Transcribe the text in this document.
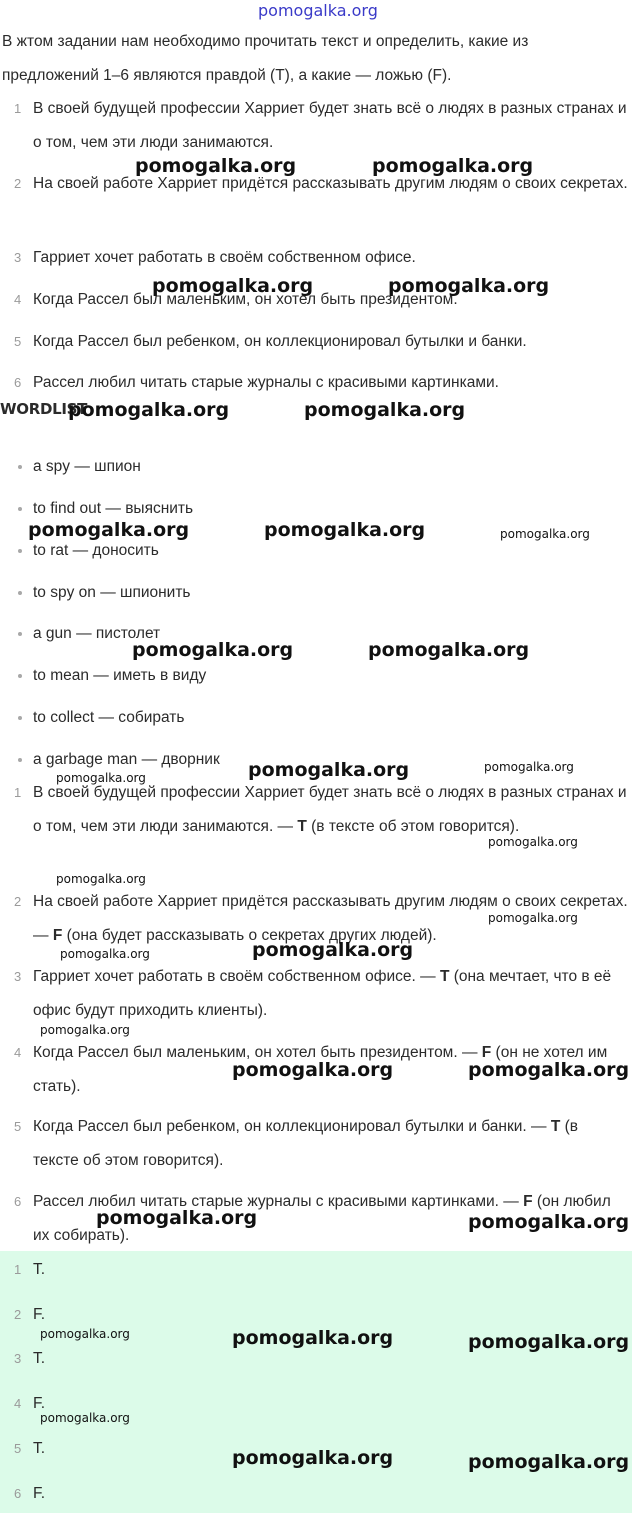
pomogalka.org
В жтом задании нам необходимо прочитать текст и определить, какие из предложений 1–6 являются правдой (T), а какие — ложью (F).
1 В своей будущей профессии Харриет будет знать всё о людях в разных странах и о том, чем эти люди занимаются.
2 На своей работе Харриет придётся рассказывать другим людям о своих секретах.
3 Гарриет хочет работать в своём собственном офисе.
4 Когда Рассел был маленьким, он хотел быть президентом.
5 Когда Рассел был ребенком, он коллекционировал бутылки и банки.
6 Рассел любил читать старые журналы с красивыми картинками.
WORDLIST
a spy — шпион
to find out — выяснить
to rat — доносить
to spy on — шпионить
a gun — пистолет
to mean — иметь в виду
to collect — собирать
a garbage man — дворник
1 В своей будущей профессии Харриет будет знать всё о людях в разных странах и о том, чем эти люди занимаются. — T (в тексте об этом говорится).
2 На своей работе Харриет придётся рассказывать другим людям о своих секретах. — F (она будет рассказывать о секретах других людей).
3 Гарриет хочет работать в своём собственном офисе. — T (она мечтает, что в её офис будут приходить клиенты).
4 Когда Рассел был маленьким, он хотел быть президентом. — F (он не хотел им стать).
5 Когда Рассел был ребенком, он коллекционировал бутылки и банки. — T (в тексте об этом говорится).
6 Рассел любил читать старые журналы с красивыми картинками. — F (он любил их собирать).
1 T.
2 F.
3 T.
4 F.
5 T.
6 F.
pomogalka.org	pomogalka.org
pomogalka.org	pomogalka.org
pomogalka.org	pomogalka.org
pomogalka.org	pomogalka.org	pomogalka.org
pomogalka.org	pomogalka.org
pomogalka.org	pomogalka.org
pomogalka.org
pomogalka.org
pomogalka.org
pomogalka.org
pomogalka.org
pomogalka.org
pomogalka.org
pomogalka.org	pomogalka.org
pomogalka.org	pomogalka.org
pomogalka.org	pomogalka.org	pomogalka.org
pomogalka.org
pomogalka.org	pomogalka.org
